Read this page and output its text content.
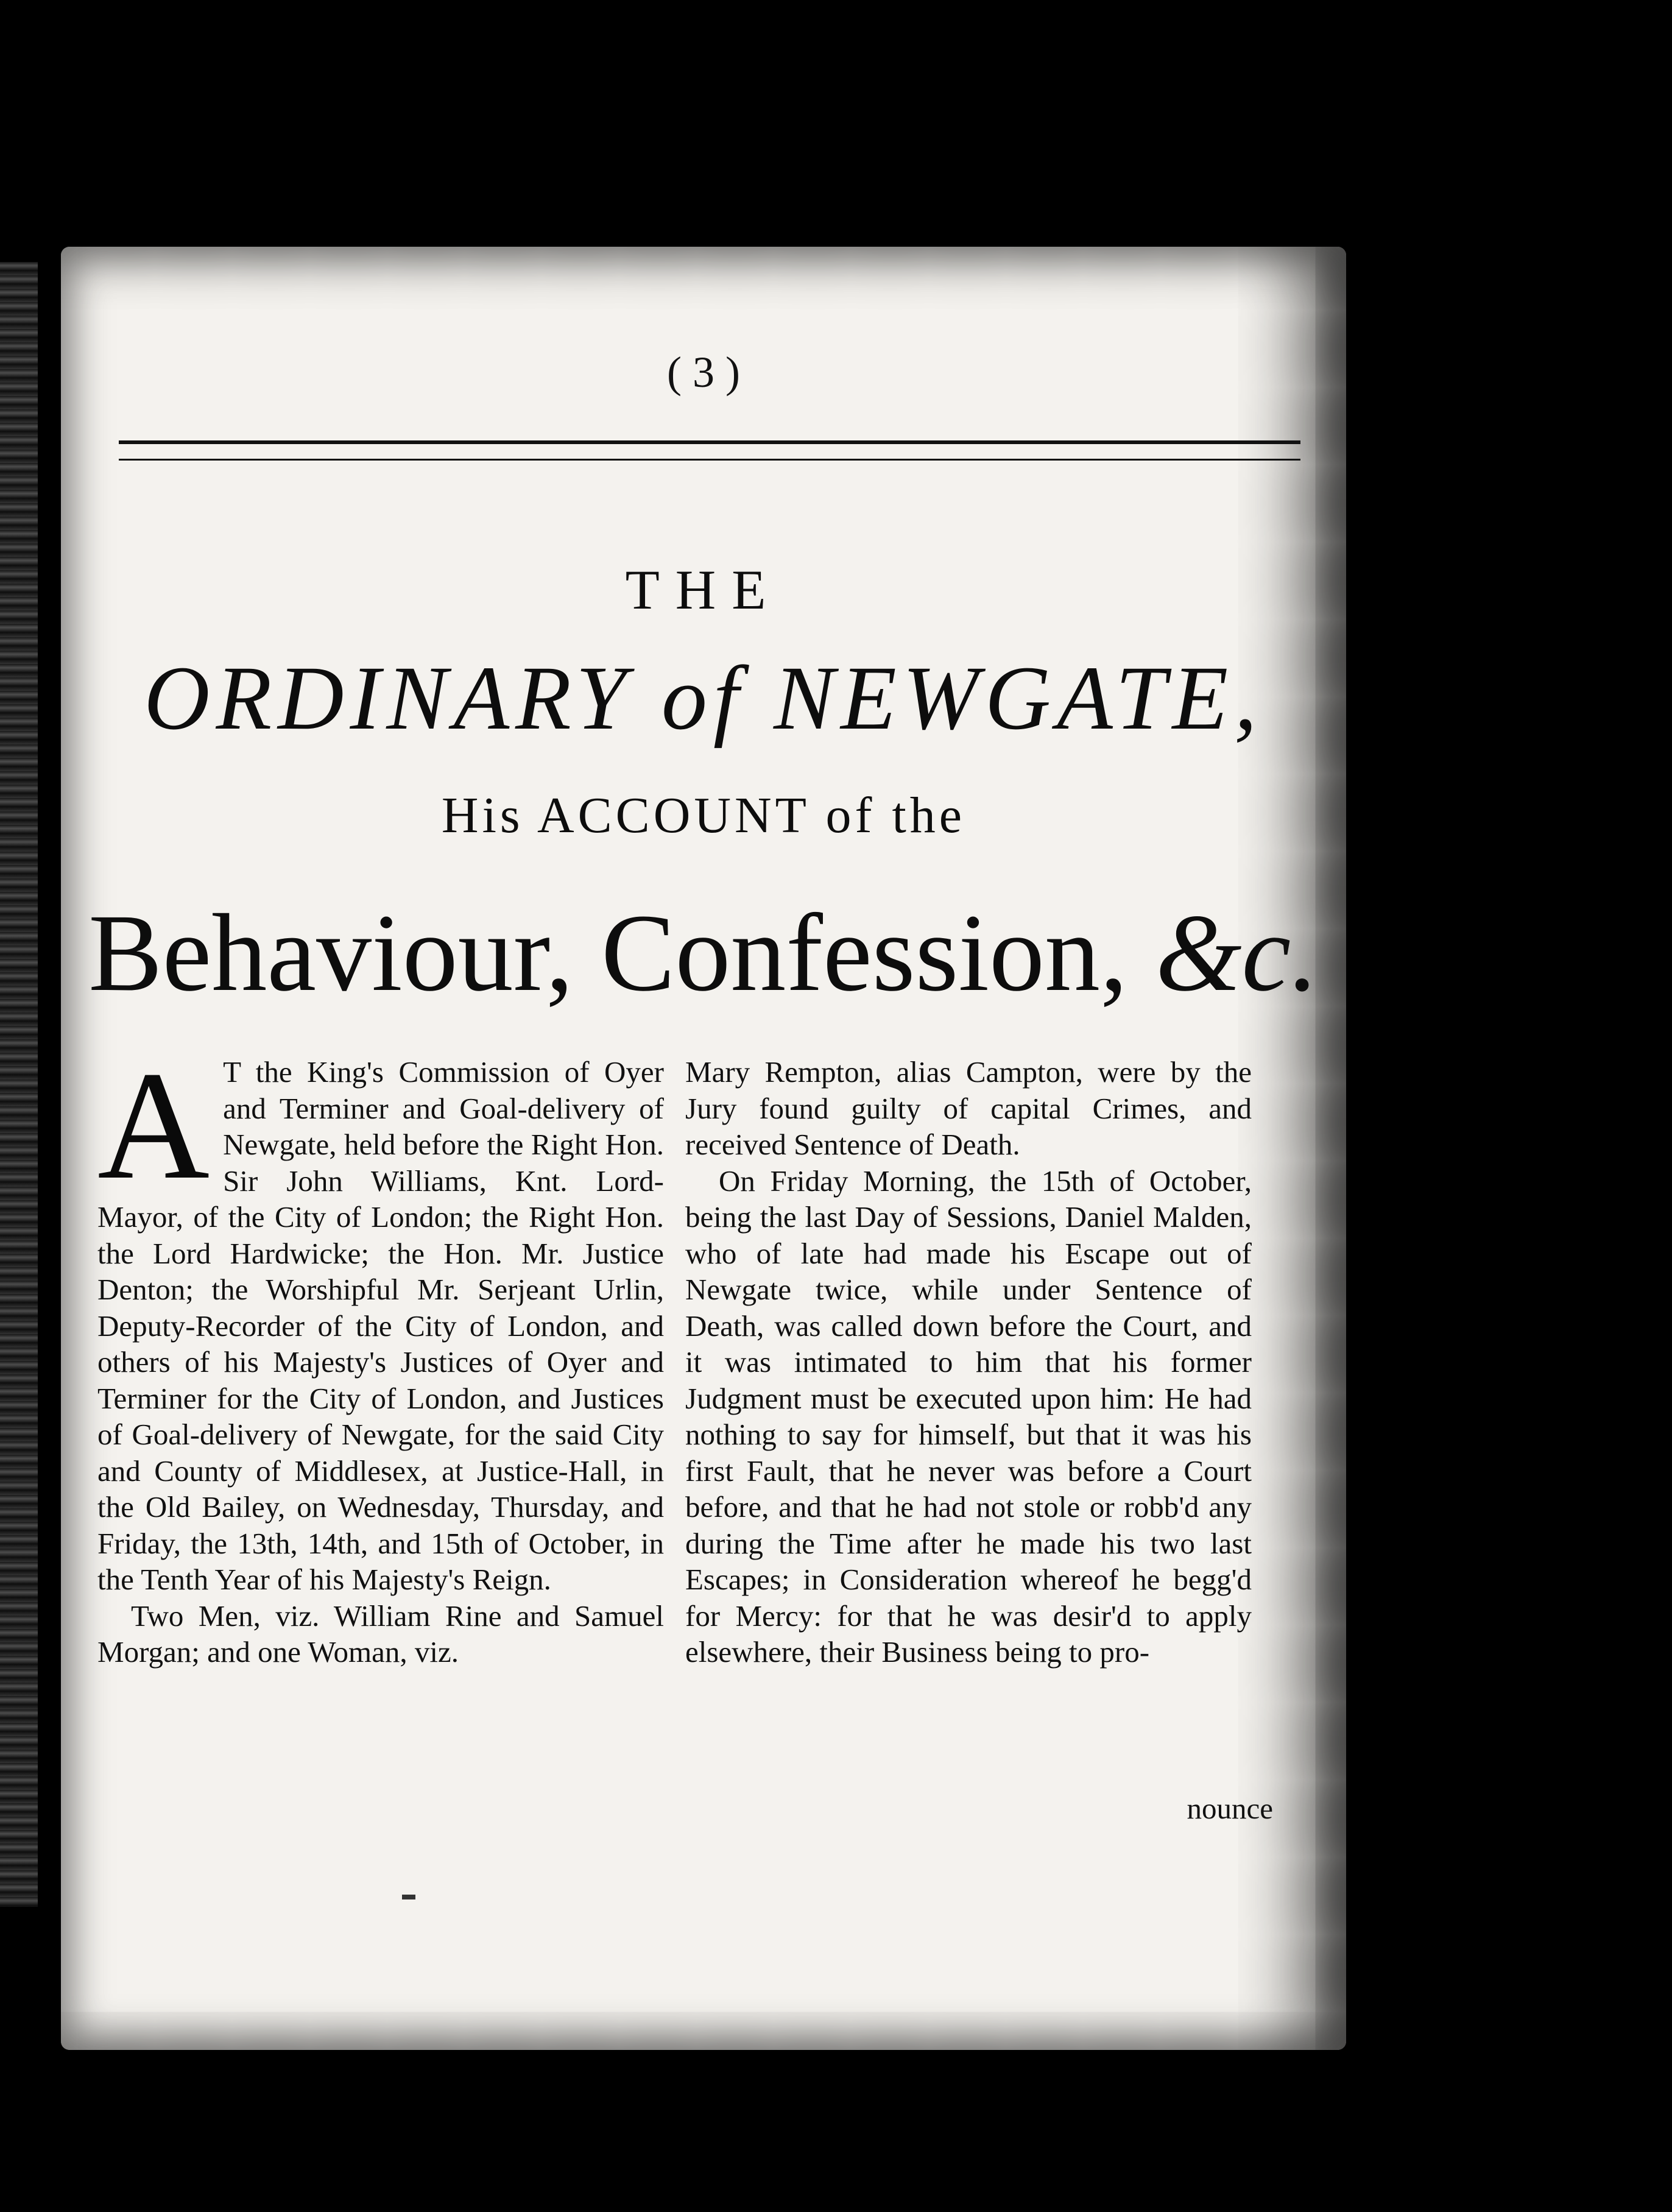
( 3 )
THE
ORDINARY of NEWGATE,
His ACCOUNT of the
Behaviour, Confession, &c.

A T the King's Commission of Oyer and Terminer and Goal-delivery of Newgate, held before the Right Hon. Sir John Williams, Knt. Lord-Mayor, of the City of London; the Right Hon. the Lord Hardwicke; the Hon. Mr. Justice Denton; the Worshipful Mr. Serjeant Urlin, Deputy-Recorder of the City of London, and others of his Majesty's Justices of Oyer and Terminer for the City of London, and Justices of Goal-delivery of Newgate, for the said City and County of Middlesex, at Justice-Hall, in the Old Bailey, on Wednesday, Thursday, and Friday, the 13th, 14th, and 15th of October, in the Tenth Year of his Majesty's Reign.

Two Men, viz. William Rine and Samuel Morgan; and one Woman, viz.

Mary Rempton, alias Campton, were by the Jury found guilty of capital Crimes, and received Sentence of Death.

On Friday Morning, the 15th of October, being the last Day of Sessions, Daniel Malden, who of late had made his Escape out of Newgate twice, while under Sentence of Death, was called down before the Court, and it was intimated to him that his former Judgment must be executed upon him: He had nothing to say for himself, but that it was his first Fault, that he never was before a Court before, and that he had not stole or robb'd any during the Time after he made his two last Escapes; in Consideration whereof he begg'd for Mercy: for that he was desir'd to apply elsewhere, their Business being to pro-

nounce
